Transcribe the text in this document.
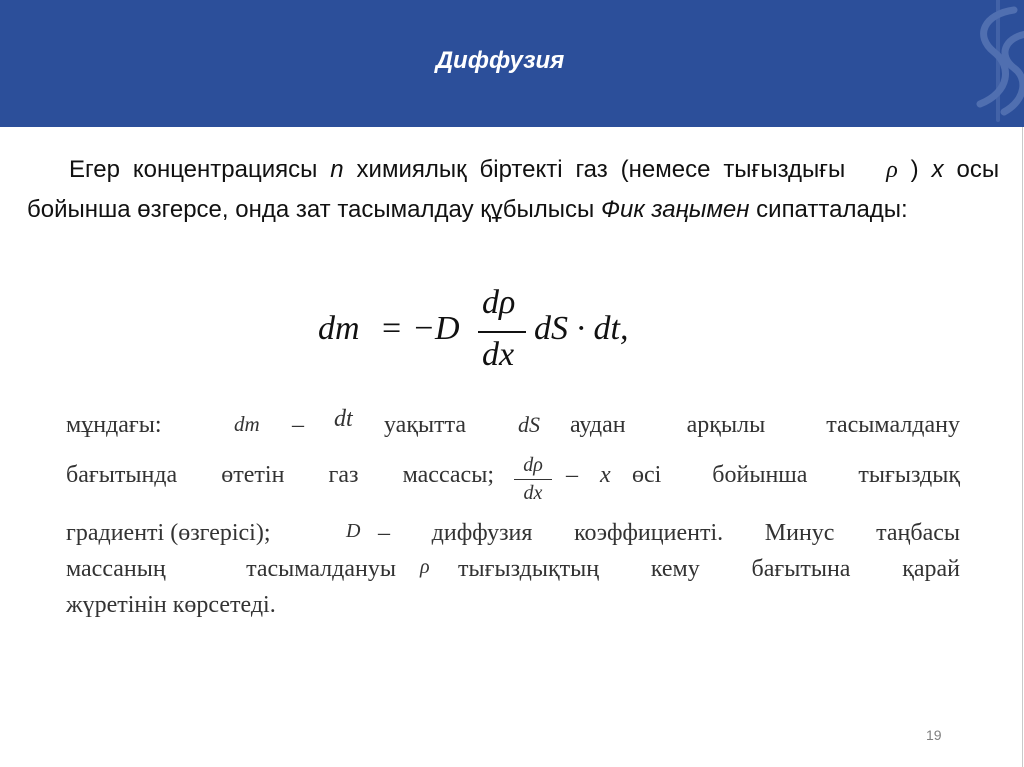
Диффузия
Егер концентрациясы n химиялық біртекті газ (немесе тығыздығы ρ ) x осы бойынша өзгерсе, онда зат тасымалдау құбылысы Фик заңымен сипатталады:
dm = −D
dρ
dx
dS · dt,
мұндағы:	dm – dt уақытта dS аудан арқылы тасымалдану
бағытында өтетін газ массасы;	dρ
dx
– x өсі бойынша тығыздық
градиенті (өзгерісі);	D – диффузия коэффициенті. Минус таңбасы
массаның тасымалдануы ρ тығыздықтың кему бағытына қарай
жүретінін көрсетеді.
19
